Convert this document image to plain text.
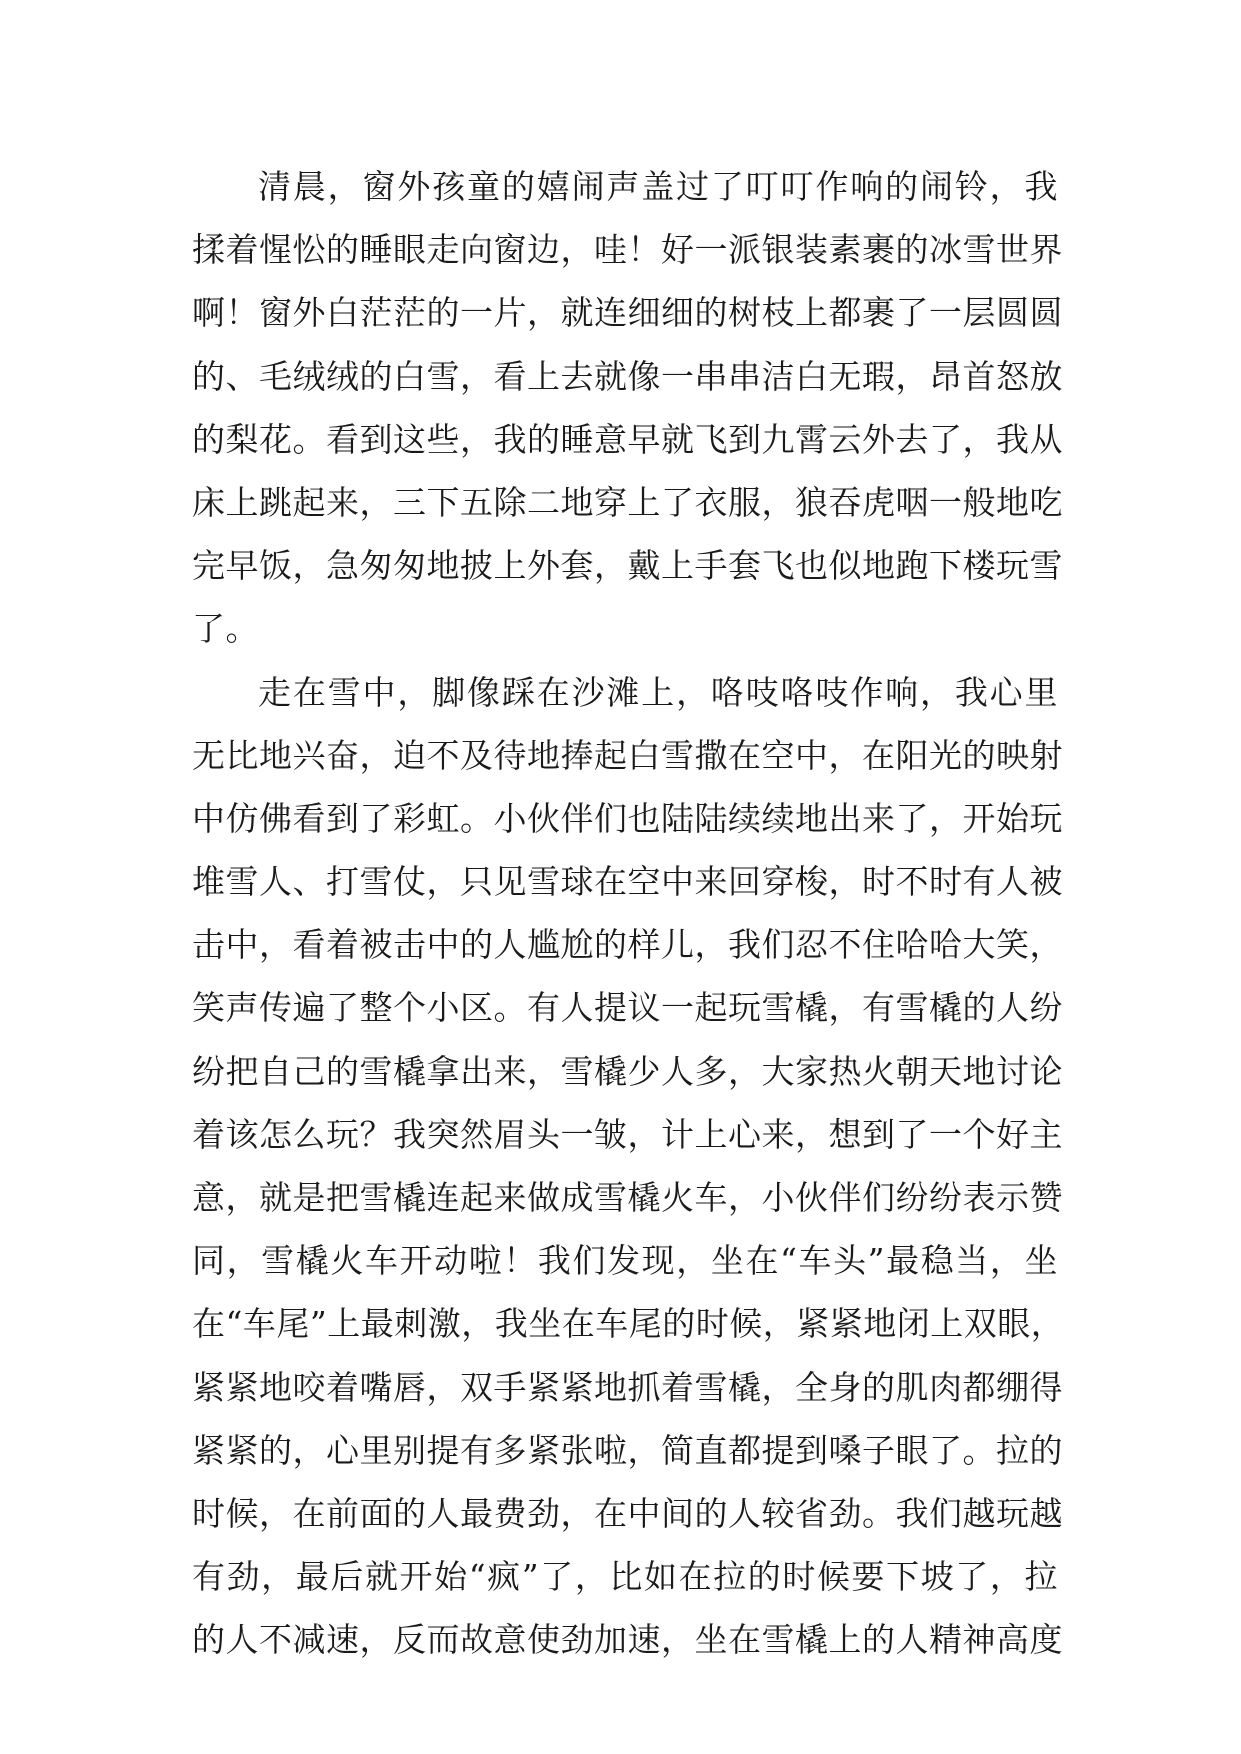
清晨，窗外孩童的嬉闹声盖过了叮叮作响的闹铃，我
揉着惺忪的睡眼走向窗边，哇！好一派银装素裹的冰雪世界
啊！窗外白茫茫的一片，就连细细的树枝上都裹了一层圆圆
的、毛绒绒的白雪，看上去就像一串串洁白无瑕，昂首怒放
的梨花。看到这些，我的睡意早就飞到九霄云外去了，我从
床上跳起来，三下五除二地穿上了衣服，狼吞虎咽一般地吃
完早饭，急匆匆地披上外套，戴上手套飞也似地跑下楼玩雪
了。
走在雪中，脚像踩在沙滩上，咯吱咯吱作响，我心里
无比地兴奋，迫不及待地捧起白雪撒在空中，在阳光的映射
中仿佛看到了彩虹。小伙伴们也陆陆续续地出来了，开始玩
堆雪人、打雪仗，只见雪球在空中来回穿梭，时不时有人被
击中，看着被击中的人尴尬的样儿，我们忍不住哈哈大笑，
笑声传遍了整个小区。有人提议一起玩雪橇，有雪橇的人纷
纷把自己的雪橇拿出来，雪橇少人多，大家热火朝天地讨论
着该怎么玩？我突然眉头一皱，计上心来，想到了一个好主
意，就是把雪橇连起来做成雪橇火车，小伙伴们纷纷表示赞
同，雪橇火车开动啦！我们发现，坐在“车头”最稳当，坐
在“车尾”上最刺激，我坐在车尾的时候，紧紧地闭上双眼，
紧紧地咬着嘴唇，双手紧紧地抓着雪橇，全身的肌肉都绷得
紧紧的，心里别提有多紧张啦，简直都提到嗓子眼了。拉的
时候，在前面的人最费劲，在中间的人较省劲。我们越玩越
有劲，最后就开始“疯”了，比如在拉的时候要下坡了，拉
的人不减速，反而故意使劲加速，坐在雪橇上的人精神高度
